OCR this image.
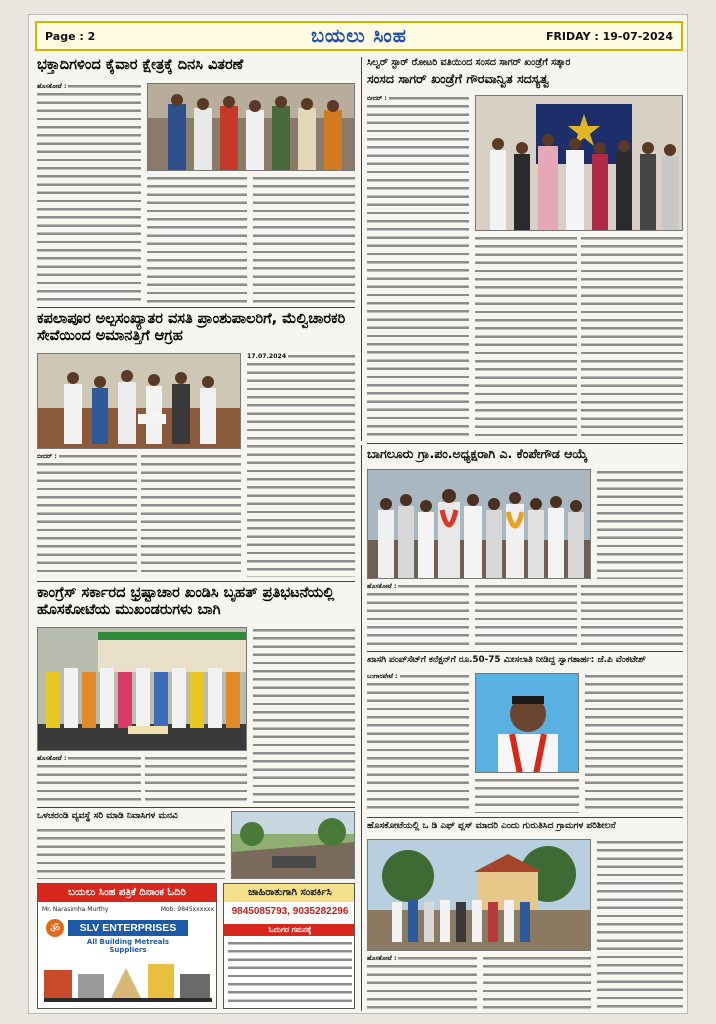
Page : 2	ಬಯಲು ಸಿಂಹ	FRIDAY : 19-07-2024
ಭಕ್ತಾದಿಗಳಿಂದ ಕೈವಾರ ಕ್ಷೇತ್ರಕ್ಕೆ ದಿನಸಿ ವಿತರಣೆ
ಹೊಸಕೋಟೆ :
ಸಿಲ್ವರ್ ಸ್ಟಾರ್ ರೋಟರಿ ವತಿಯಿಂದ ಸಂಸದ ಸಾಗರ್ ಖಂಡ್ರೆಗೆ ಸತ್ಕಾರ
ಸಂಸದ ಸಾಗರ್ ಖಂಡ್ರೆಗೆ ಗೌರವಾನ್ವಿತ ಸದಸ್ಯತ್ವ
ಬೀದರ್ :
ಕಪಲಾಪೂರ ಅಲ್ಪಸಂಖ್ಯಾತರ ವಸತಿ ಪ್ರಾಂಶುಪಾಲರಿಗೆ, ಮೆಲ್ವಿಚಾರಕರಿ ಸೇವೆಯಿಂದ ಅಮಾನತ್ತಿಗೆ ಆಗ್ರಹ
17.07.2024
ಬೀದರ್ :	ಬಾಗಲೂರು ಗ್ರಾ.ಪಂ.ಅಧ್ಯಕ್ಷರಾಗಿ ಎ. ಕೆಂಪೇಗೌಡ ಆಯ್ಕೆ
ಹೊಸಕೋಟೆ :
ಕಾಂಗ್ರೆಸ್ ಸರ್ಕಾರದ ಭ್ರಷ್ಟಾಚಾರ ಖಂಡಿಸಿ ಬೃಹತ್ ಪ್ರತಿಭಟನೆಯಲ್ಲಿ ಹೊಸಕೋಟೆಯ ಮುಖಂಡರುಗಳು ಬಾಗಿ
ಹೊಸಕೋಟೆ :
ಖಾಸಗಿ ಪಂಪ್‌ಸೆಟ್‌ಗೆ ಕನೆಕ್ಷನ್‌ಗೆ ರೂ.50-75 ಮೀಸಲಾತಿ ನೀಡಿದ್ದ ಸ್ವಾಗತಾರ್ಹ: ಜೆ.ಪಿ ವೆಂಕಟೇಶ್
ಬಂಗಾರಪೇಟೆ :
ಒಳಚರಂಡಿ ವ್ಯವಸ್ಥೆ ಸರಿ ಮಾಡಿ ನಿವಾಸಿಗಳ ಮನವಿ
ಹೊಸಕೋಟೆಯಲ್ಲಿ ಒ ಡಿ ಎಫ್ ಪ್ಲಸ್ ಮಾದರಿ ಎಂದು ಗುರುತಿಸಿದ ಗ್ರಾಮಗಳ ಪರಿಶೀಲನೆ
ಹೊಸಕೋಟೆ :
ಬಯಲು ಸಿಂಹ ಪತ್ರಿಕೆ ದಿನಾಂಕ ಓದಿರಿ
Mr. Narasimha Murthy	Mob: 9845xxxxxx
ॐ	SLV ENTERPRISES
All Building Metreals Suppliers
ಜಾಹಿರಾತುಗಾಗಿ ಸಂಪರ್ಕಿಸಿ
9845085793, 9035282296
ಓದುಗರ ಗಮನಕ್ಕೆ
